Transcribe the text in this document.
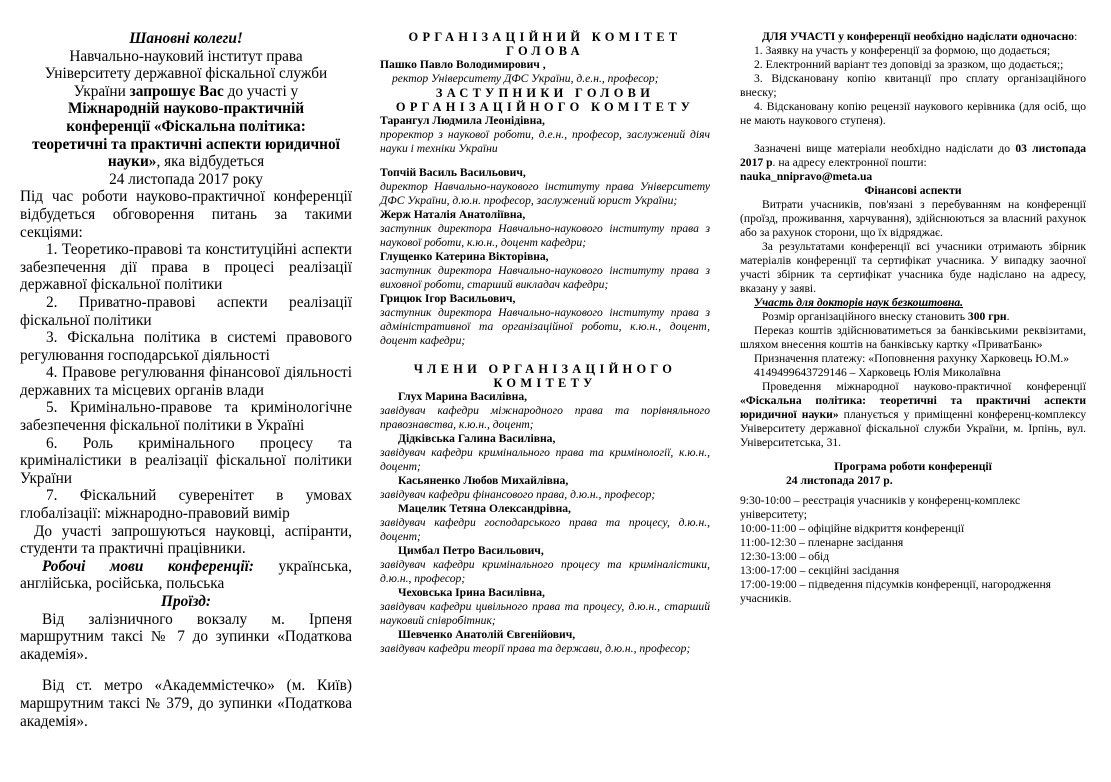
Шановні колеги!

Навчально-науковий інститут права

Університету державної фіскальної служби

України запрошує Вас до участі у

Міжнародній науково-практичній

конференції «Фіскальна політика:

теоретичні та практичні аспекти юридичної

науки», яка відбудеться

24 листопада 2017 року

Під час роботи науково-практичної конференції відбудеться обговорення питань за такими секціями:

1. Теоретико-правові та конституційні аспекти забезпечення дії права в процесі реалізації державної фіскальної політики

2. Приватно-правові аспекти реалізації фіскальної політики

3. Фіскальна політика в системі правового регулювання господарської діяльності

4. Правове регулювання фінансової діяльності державних та місцевих органів влади

5. Кримінально-правове та кримінологічне забезпечення фіскальної політики в Україні

6. Роль кримінального процесу та криміналістики в реалізації фіскальної політики України

7. Фіскальний суверенітет в умовах глобалізації: міжнародно-правовий вимір

До участі запрошуються науковці, аспіранти, студенти та практичні працівники.

Робочі мови конференції: українська, англійська, російська, польська

Проїзд:

Від залізничного вокзалу м. Ірпеня маршрутним таксі № 7 до зупинки «Податкова академія».

Від ст. метро «Академмістечко» (м. Київ) маршрутним таксі № 379, до зупинки «Податкова академія».

ОРГАНІЗАЦІЙНИЙ КОМІТЕТ

ГОЛОВА

Пашко Павло Володимирович ,

ректор Університету ДФС України, д.е.н., професор;

ЗАСТУПНИКИ ГОЛОВИ

ОРГАНІЗАЦІЙНОГО КОМІТЕТУ

Тарангул Людмила Леонідівна,

проректор з наукової роботи, д.е.н., професор, заслужений діяч науки і техніки України

Топчій Василь Васильович,

директор Навчально-наукового інституту права Університету ДФС України, д.ю.н. професор, заслужений юрист України;

Жерж Наталія Анатоліївна,

заступник директора Навчально-наукового інституту права з наукової роботи, к.ю.н., доцент кафедри;

Глущенко Катерина Вікторівна,

заступник директора Навчально-наукового інституту права з виховної роботи, старший викладач кафедри;

Грицюк Ігор Васильович,

заступник директора Навчально-наукового інституту права з адміністративної та організаційної роботи, к.ю.н., доцент, доцент кафедри;

ЧЛЕНИ ОРГАНІЗАЦІЙНОГО

КОМІТЕТУ

Глух Марина Василівна,

завідувач кафедри міжнародного права та порівняльного правознавства, к.ю.н., доцент;

Дідківська Галина Василівна,

завідувач кафедри кримінального права та кримінології, к.ю.н., доцент;

Касьяненко Любов Михайлівна,

завідувач кафедри фінансового права, д.ю.н., професор;

Мацелик Тетяна Олександрівна,

завідувач кафедри господарського права та процесу, д.ю.н., доцент;

Цимбал Петро Васильович,

завідувач кафедри кримінального процесу та криміналістики, д.ю.н., професор;

Чеховська Ірина Василівна,

завідувач кафедри цивільного права та процесу, д.ю.н., старший науковий співробітник;

Шевченко Анатолій Євгенійович,

завідувач кафедри теорії права та держави, д.ю.н., професор;

ДЛЯ УЧАСТІ у конференції необхідно надіслати одночасно:

1. Заявку на участь у конференції за формою, що додається;

2. Електронний варіант тез доповіді за зразком, що додається;;

3. Відскановану копію квитанції про сплату організаційного внеску;

4. Відскановану копію рецензії наукового керівника (для осіб, що не мають наукового ступеня).

Зазначені вище матеріали необхідно надіслати до 03 листопада 2017 р. на адресу електронної пошти:

nauka_nnipravo@meta.ua

Фінансові аспекти

Витрати учасників, пов'язані з перебуванням на конференції (проїзд, проживання, харчування), здійснюються за власний рахунок або за рахунок сторони, що їх відряджає.

За результатами конференції всі учасники отримають збірник матеріалів конференції та сертифікат учасника. У випадку заочної участі збірник та сертифікат учасника буде надіслано на адресу, вказану у заяві.

Участь для докторів наук безкоштовна.

Розмір організаційного внеску становить 300 грн.

Переказ коштів здійснюватиметься за банківськими реквізитами, шляхом внесення коштів на банківську картку «ПриватБанк»

Призначення платежу: «Поповнення рахунку Харковець Ю.М.»

4149499643729146 – Харковець Юлія Миколаївна

Проведення міжнародної науково-практичної конференції «Фіскальна політика: теоретичні та практичні аспекти юридичної науки» планується у приміщенні конференц-комплексу Університету державної фіскальної служби України, м. Ірпінь, вул. Університетська, 31.

Програма роботи конференції

24 листопада 2017 р.

9:30-10:00 – реєстрація учасників у конференц-комплекс університету;

10:00-11:00 – офіційне відкриття конференції

11:00-12:30 – пленарне засідання

12:30-13:00 – обід

13:00-17:00 – секційні засідання

17:00-19:00 – підведення підсумків конференції, нагородження учасників.
